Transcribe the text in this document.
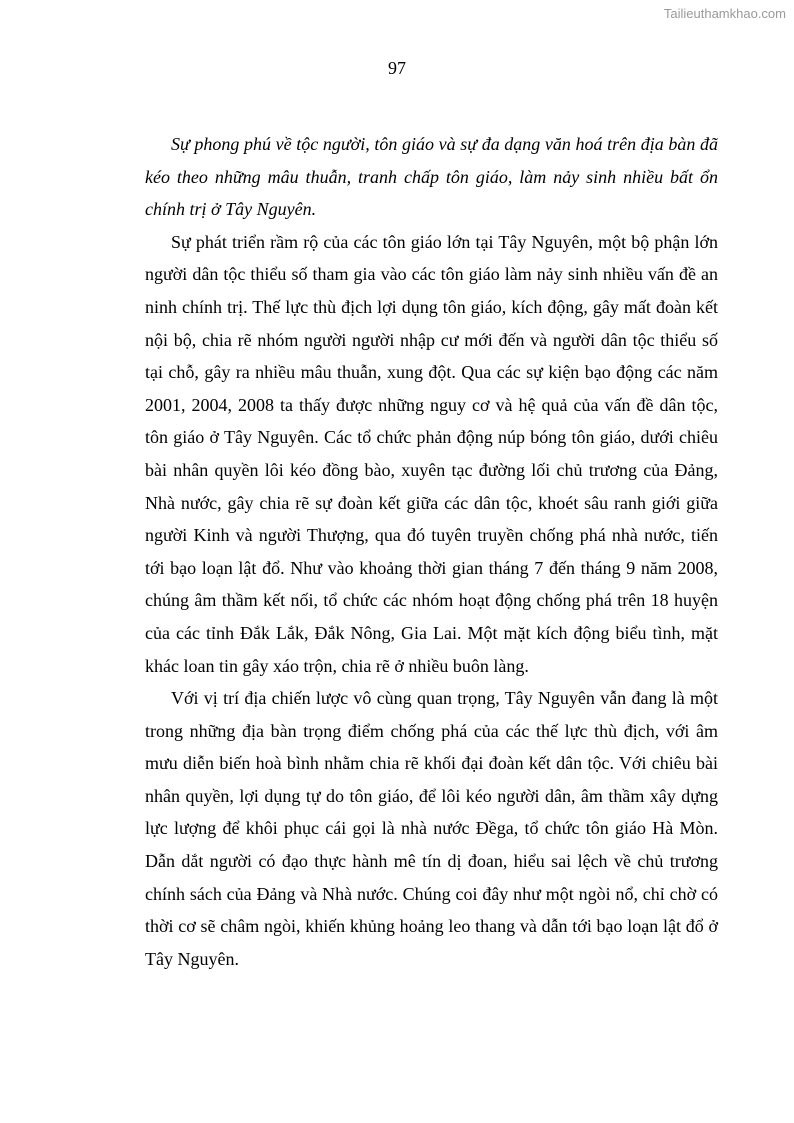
Tailieuthamkhao.com
97

Sự phong phú về tộc người, tôn giáo và sự đa dạng văn hoá trên địa bàn đã kéo theo những mâu thuẫn, tranh chấp tôn giáo, làm nảy sinh nhiều bất ổn chính trị ở Tây Nguyên.

Sự phát triển rầm rộ của các tôn giáo lớn tại Tây Nguyên, một bộ phận lớn người dân tộc thiểu số tham gia vào các tôn giáo làm nảy sinh nhiều vấn đề an ninh chính trị. Thế lực thù địch lợi dụng tôn giáo, kích động, gây mất đoàn kết nội bộ, chia rẽ nhóm người người nhập cư mới đến và người dân tộc thiểu số tại chỗ, gây ra nhiều mâu thuẫn, xung đột. Qua các sự kiện bạo động các năm 2001, 2004, 2008 ta thấy được những nguy cơ và hệ quả của vấn đề dân tộc, tôn giáo ở Tây Nguyên. Các tổ chức phản động núp bóng tôn giáo, dưới chiêu bài nhân quyền lôi kéo đồng bào, xuyên tạc đường lối chủ trương của Đảng, Nhà nước, gây chia rẽ sự đoàn kết giữa các dân tộc, khoét sâu ranh giới giữa người Kinh và người Thượng, qua đó tuyên truyền chống phá nhà nước, tiến tới bạo loạn lật đổ. Như vào khoảng thời gian tháng 7 đến tháng 9 năm 2008, chúng âm thầm kết nối, tổ chức các nhóm hoạt động chống phá trên 18 huyện của các tỉnh Đắk Lắk, Đắk Nông, Gia Lai. Một mặt kích động biểu tình, mặt khác loan tin gây xáo trộn, chia rẽ ở nhiều buôn làng.

Với vị trí địa chiến lược vô cùng quan trọng, Tây Nguyên vẫn đang là một trong những địa bàn trọng điểm chống phá của các thế lực thù địch, với âm mưu diễn biến hoà bình nhằm chia rẽ khối đại đoàn kết dân tộc. Với chiêu bài nhân quyền, lợi dụng tự do tôn giáo, để lôi kéo người dân, âm thầm xây dựng lực lượng để khôi phục cái gọi là nhà nước Đềga, tổ chức tôn giáo Hà Mòn. Dẫn dắt người có đạo thực hành mê tín dị đoan, hiểu sai lệch về chủ trương chính sách của Đảng và Nhà nước. Chúng coi đây như một ngòi nổ, chỉ chờ có thời cơ sẽ châm ngòi, khiến khủng hoảng leo thang và dẫn tới bạo loạn lật đổ ở Tây Nguyên.
